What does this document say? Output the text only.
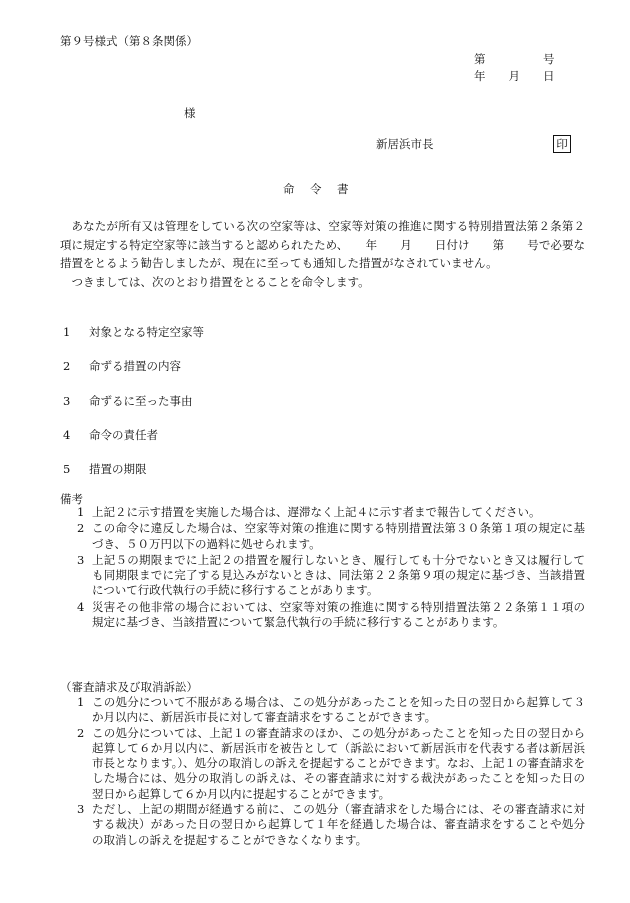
第９号様式（第８条関係）
第　　　　　号
年　　月　　日
様
新居浜市長	印
命　令　書

あなたが所有又は管理をしている次の空家等は、空家等対策の推進に関する特別措置法第２条第２項に規定する特定空家等に該当すると認められたため、　　年　　月　　日付け　　第　　号で必要な措置をとるよう勧告しましたが、現在に至っても通知した措置がなされていません。

つきましては、次のとおり措置をとることを命令します。

1 対象となる特定空家等
2 命ずる措置の内容
3 命ずるに至った事由
4 命令の責任者
5 措置の期限
備考

1 上記２に示す措置を実施した場合は、遅滞なく上記４に示す者まで報告してください。

2 この命令に違反した場合は、空家等対策の推進に関する特別措置法第３０条第１項の規定に基づき、５０万円以下の過料に処せられます。

3 上記５の期限までに上記２の措置を履行しないとき、履行しても十分でないとき又は履行しても同期限までに完了する見込みがないときは、同法第２２条第９項の規定に基づき、当該措置について行政代執行の手続に移行することがあります。

4 災害その他非常の場合においては、空家等対策の推進に関する特別措置法第２２条第１１項の規定に基づき、当該措置について緊急代執行の手続に移行することがあります。

（審査請求及び取消訴訟）

1 この処分について不服がある場合は、この処分があったことを知った日の翌日から起算して３か月以内に、新居浜市長に対して審査請求をすることができます。

2 この処分については、上記１の審査請求のほか、この処分があったことを知った日の翌日から起算して６か月以内に、新居浜市を被告として（訴訟において新居浜市を代表する者は新居浜市長となります。）、処分の取消しの訴えを提起することができます。なお、上記１の審査請求をした場合には、処分の取消しの訴えは、その審査請求に対する裁決があったことを知った日の翌日から起算して６か月以内に提起することができます。

3 ただし、上記の期間が経過する前に、この処分（審査請求をした場合には、その審査請求に対する裁決）があった日の翌日から起算して１年を経過した場合は、審査請求をすることや処分の取消しの訴えを提起することができなくなります。
